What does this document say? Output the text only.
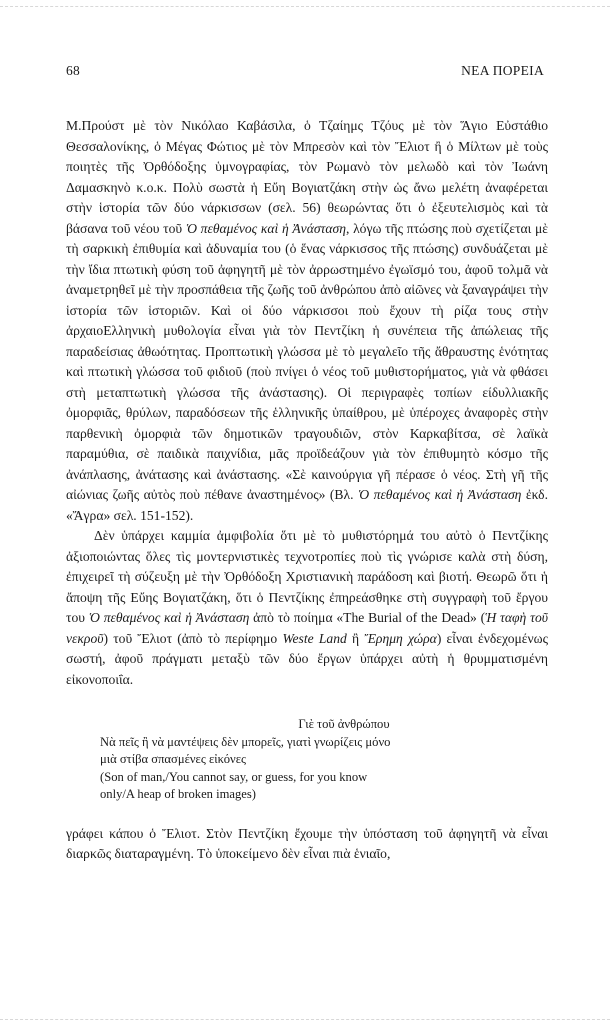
68	ΝΕΑ ΠΟΡΕΙΑ

Μ.Προύστ μὲ τὸν Νικόλαο Καβάσιλα, ὁ Τζαίημς Τζόυς μὲ τὸν Ἅγιο Εὐστάθιο Θεσσαλονίκης, ὁ Μέγας Φώτιος μὲ τὸν Μπρεσὸν καὶ τὸν Ἔλιοτ ἢ ὁ Μίλτων μὲ τοὺς ποιητὲς τῆς Ὀρθόδοξης ὑμνογραφίας, τὸν Ρωμανὸ τὸν μελωδὸ καὶ τὸν Ἰωάνη Δαμασκηνὸ κ.ο.κ. Πολὺ σωστὰ ἡ Εὔη Βογιατζάκη στὴν ὡς ἄνω μελέτη ἀναφέρεται στὴν ἱστορία τῶν δύο νάρκισσων (σελ. 56) θεωρώντας ὅτι ὁ ἐξευτελισμὸς καὶ τὰ βάσανα τοῦ νέου τοῦ Ὁ πεθαμένος καὶ ἡ Ἀνάσταση, λόγω τῆς πτώσης ποὺ σχετίζεται μὲ τὴ σαρκικὴ ἐπιθυμία καὶ ἀδυναμία του (ὁ ἕνας νάρκισσος τῆς πτώσης) συνδυάζεται μὲ τὴν ἴδια πτωτικὴ φύση τοῦ ἀφηγητῆ μὲ τὸν ἀρρωστημένο ἐγωϊσμό του, ἀφοῦ τολμᾶ νὰ ἀναμετρηθεῖ μὲ τὴν προσπάθεια τῆς ζωῆς τοῦ ἀνθρώπου ἀπὸ αἰῶνες νὰ ξαναγράψει τὴν ἱστορία τῶν ἱστοριῶν. Καὶ οἱ δύο νάρκισσοι ποὺ ἔχουν τὴ ρίζα τους στὴν ἀρχαιοΕλληνικὴ μυθολογία εἶναι γιὰ τὸν Πεντζίκη ἡ συνέπεια τῆς ἀπώλειας τῆς παραδείσιας ἀθωότητας. Προπτωτικὴ γλώσσα μὲ τὸ μεγαλεῖο τῆς ἄθραυστης ἑνότητας καὶ πτωτικὴ γλώσσα τοῦ φιδιοῦ (ποὺ πνίγει ὁ νέος τοῦ μυθιστορήματος, γιὰ νὰ φθάσει στὴ μεταπτωτικὴ γλώσσα τῆς ἀνάστασης). Οἱ περιγραφὲς τοπίων είδυλλιακῆς ὀμορφιᾶς, θρύλων, παραδόσεων τῆς ἑλληνικῆς ὑπαίθρου, μὲ ὑπέροχες ἀναφορὲς στὴν παρθενικὴ ὀμορφιὰ τῶν δημοτικῶν τραγουδιῶν, στὸν Καρκαβίτσα, σὲ λαϊκὰ παραμύθια, σὲ παιδικὰ παιχνίδια, μᾶς προϊδεάζουν γιὰ τὸν ἐπιθυμητὸ κόσμο τῆς ἀνάπλασης, ἀνάτασης καὶ ἀνάστασης. «Σὲ καινούργια γῆ πέρασε ὁ νέος. Στὴ γῆ τῆς αἰώνιας ζωῆς αὐτὸς ποὺ πέθανε ἀναστημένος» (Βλ. Ὁ πεθαμένος καὶ ἡ Ἀνάσταση ἐκδ. «Ἄγρα» σελ. 151-152).

Δὲν ὑπάρχει καμμία ἀμφιβολία ὅτι μὲ τὸ μυθιστόρημά του αὐτὸ ὁ Πεντζίκης ἀξιοποιώντας ὅλες τὶς μοντερνιστικὲς τεχνοτροπίες ποὺ τὶς γνώρισε καλὰ στὴ δύση, ἐπιχειρεῖ τὴ σύζευξη μὲ τὴν Ὀρθόδοξη Χριστιανικὴ παράδοση καὶ βιοτή. Θεωρῶ ὅτι ἡ ἄποψη τῆς Εὔης Βογιατζάκη, ὅτι ὁ Πεντζίκης ἐπηρεάσθηκε στὴ συγγραφὴ τοῦ ἔργου του Ὁ πεθαμένος καὶ ἡ Ἀνάσταση ἀπὸ τὸ ποίημα «The Burial of the Dead» (Ἡ ταφὴ τοῦ νεκροῦ) τοῦ Ἔλιοτ (ἀπὸ τὸ περίφημο Weste Land ἢ Ἔρημη χώρα) εἶναι ἐνδεχομένως σωστή, ἀφοῦ πράγματι μεταξὺ τῶν δύο ἔργων ὑπάρχει αὐτὴ ἡ θρυμματισμένη εἰκονοποιΐα.

Γιὲ τοῦ ἀνθρώπου
Νὰ πεῖς ἢ νὰ μαντέψεις δὲν μπορεῖς, γιατὶ γνωρίζεις μόνο
μιὰ στίβα σπασμένες εἰκόνες
(Son of man,/You cannot say, or guess, for you know
only/A heap of broken images)

γράφει κάπου ὁ Ἔλιοτ. Στὸν Πεντζίκη ἔχουμε τὴν ὑπόσταση τοῦ ἀφηγητῆ νὰ εἶναι διαρκῶς διαταραγμένη. Τὸ ὑποκείμενο δὲν εἶναι πιὰ ἑνιαῖο,
